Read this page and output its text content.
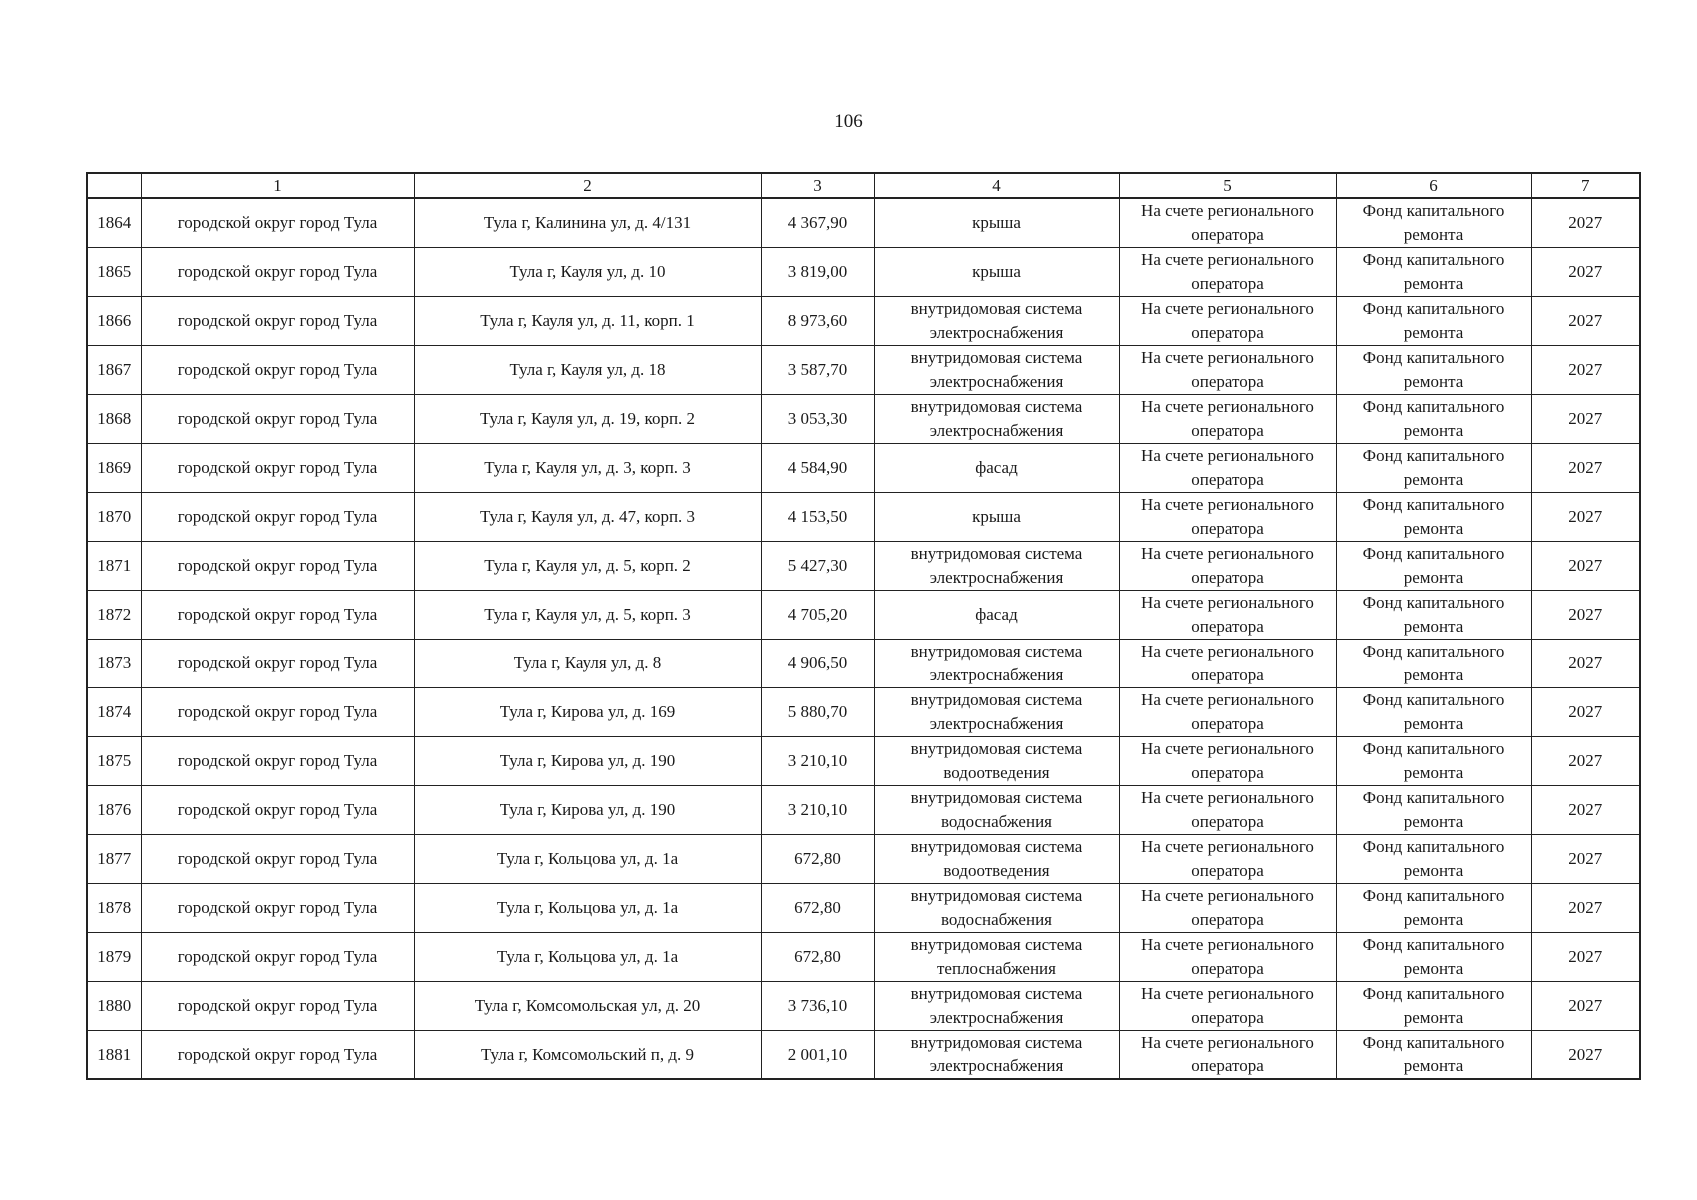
106
	1	2	3	4	5	6	7
1864	городской округ город Тула	Тула г, Калинина ул, д. 4/131	4 367,90	крыша	На счете регионального оператора	Фонд капитального ремонта	2027
1865	городской округ город Тула	Тула г, Кауля ул, д. 10	3 819,00	крыша	На счете регионального оператора	Фонд капитального ремонта	2027
1866	городской округ город Тула	Тула г, Кауля ул, д. 11, корп. 1	8 973,60	внутридомовая система электроснабжения	На счете регионального оператора	Фонд капитального ремонта	2027
1867	городской округ город Тула	Тула г, Кауля ул, д. 18	3 587,70	внутридомовая система электроснабжения	На счете регионального оператора	Фонд капитального ремонта	2027
1868	городской округ город Тула	Тула г, Кауля ул, д. 19, корп. 2	3 053,30	внутридомовая система электроснабжения	На счете регионального оператора	Фонд капитального ремонта	2027
1869	городской округ город Тула	Тула г, Кауля ул, д. 3, корп. 3	4 584,90	фасад	На счете регионального оператора	Фонд капитального ремонта	2027
1870	городской округ город Тула	Тула г, Кауля ул, д. 47, корп. 3	4 153,50	крыша	На счете регионального оператора	Фонд капитального ремонта	2027
1871	городской округ город Тула	Тула г, Кауля ул, д. 5, корп. 2	5 427,30	внутридомовая система электроснабжения	На счете регионального оператора	Фонд капитального ремонта	2027
1872	городской округ город Тула	Тула г, Кауля ул, д. 5, корп. 3	4 705,20	фасад	На счете регионального оператора	Фонд капитального ремонта	2027
1873	городской округ город Тула	Тула г, Кауля ул, д. 8	4 906,50	внутридомовая система электроснабжения	На счете регионального оператора	Фонд капитального ремонта	2027
1874	городской округ город Тула	Тула г, Кирова ул, д. 169	5 880,70	внутридомовая система электроснабжения	На счете регионального оператора	Фонд капитального ремонта	2027
1875	городской округ город Тула	Тула г, Кирова ул, д. 190	3 210,10	внутридомовая система водоотведения	На счете регионального оператора	Фонд капитального ремонта	2027
1876	городской округ город Тула	Тула г, Кирова ул, д. 190	3 210,10	внутридомовая система водоснабжения	На счете регионального оператора	Фонд капитального ремонта	2027
1877	городской округ город Тула	Тула г, Кольцова ул, д. 1а	672,80	внутридомовая система водоотведения	На счете регионального оператора	Фонд капитального ремонта	2027
1878	городской округ город Тула	Тула г, Кольцова ул, д. 1а	672,80	внутридомовая система водоснабжения	На счете регионального оператора	Фонд капитального ремонта	2027
1879	городской округ город Тула	Тула г, Кольцова ул, д. 1а	672,80	внутридомовая система теплоснабжения	На счете регионального оператора	Фонд капитального ремонта	2027
1880	городской округ город Тула	Тула г, Комсомольская ул, д. 20	3 736,10	внутридомовая система электроснабжения	На счете регионального оператора	Фонд капитального ремонта	2027
1881	городской округ город Тула	Тула г, Комсомольский п, д. 9	2 001,10	внутридомовая система электроснабжения	На счете регионального оператора	Фонд капитального ремонта	2027
